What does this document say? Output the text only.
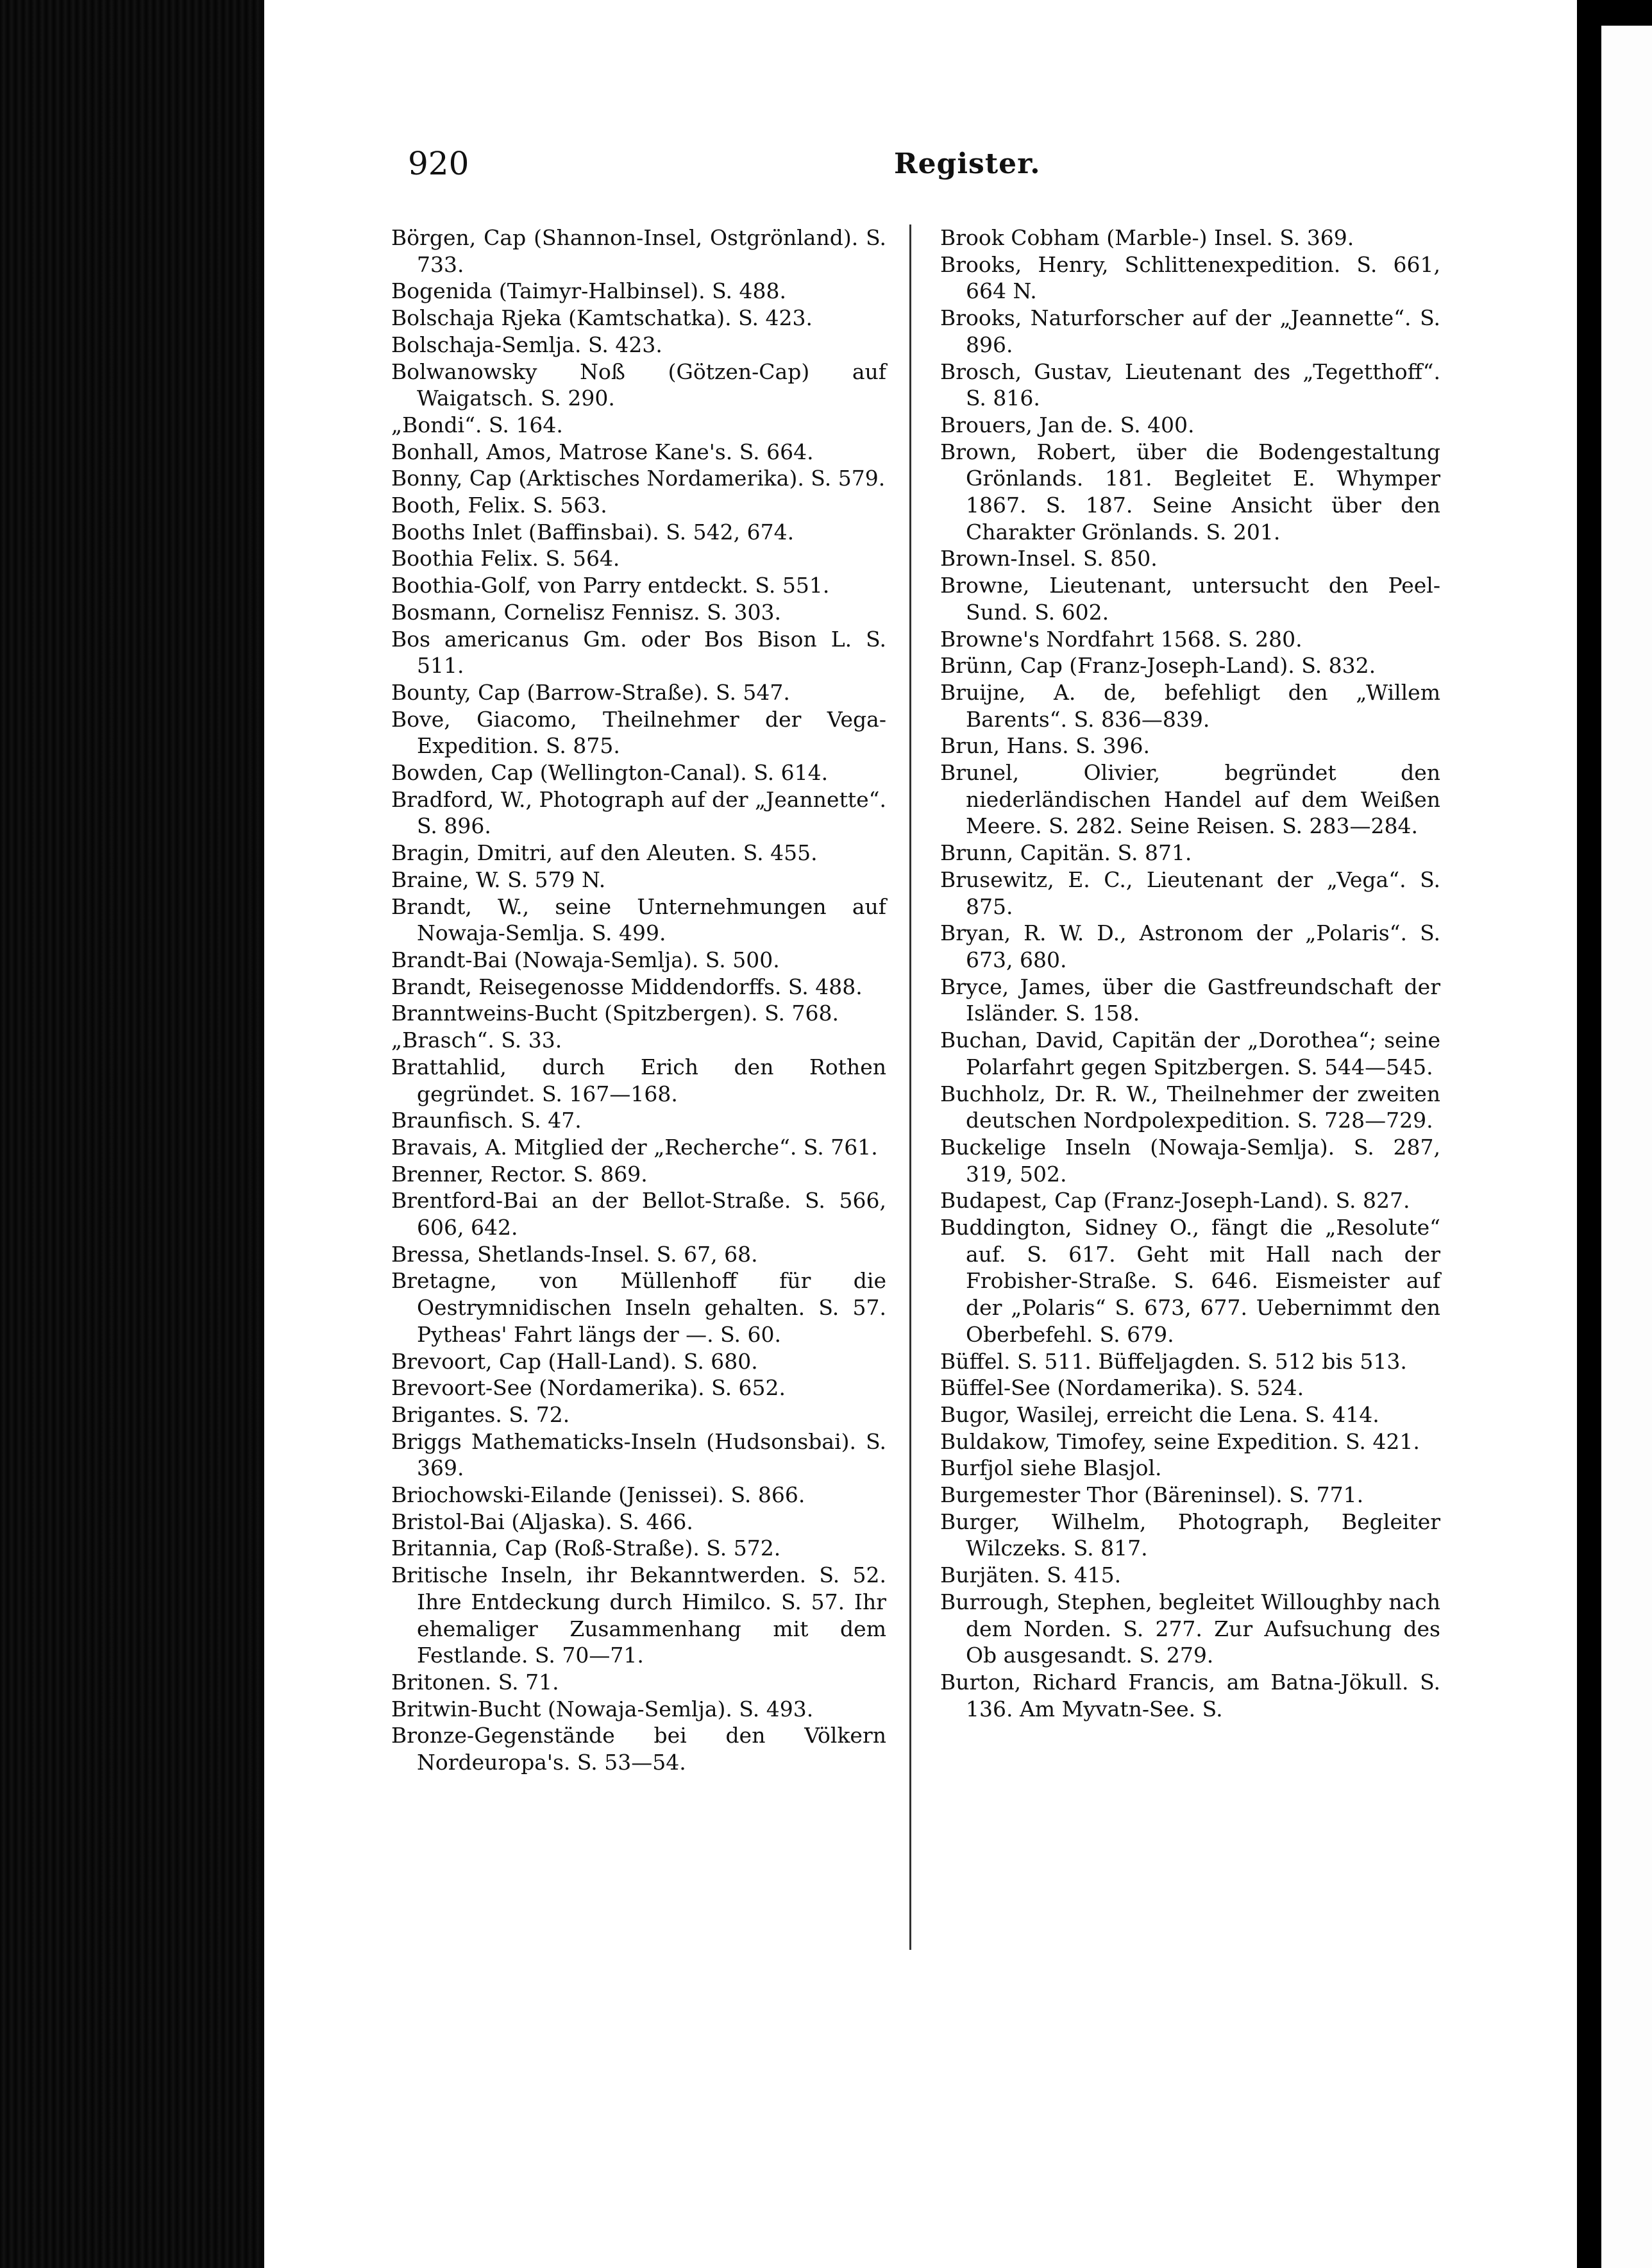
920	Register.
Börgen, Cap (Shannon-Insel, Ostgrönland). S. 733.
Bogenida (Taimyr-Halbinsel). S. 488.
Bolschaja Rjeka (Kamtschatka). S. 423.
Bolschaja-Semlja. S. 423.
Bolwanowsky Noß (Götzen-Cap) auf Waigatsch. S. 290.
„Bondi“. S. 164.
Bonhall, Amos, Matrose Kane's. S. 664.
Bonny, Cap (Arktisches Nordamerika). S. 579.
Booth, Felix. S. 563.
Booths Inlet (Baffinsbai). S. 542, 674.
Boothia Felix. S. 564.
Boothia-Golf, von Parry entdeckt. S. 551.
Bosmann, Cornelisz Fennisz. S. 303.
Bos americanus Gm. oder Bos Bison L. S. 511.
Bounty, Cap (Barrow-Straße). S. 547.
Bove, Giacomo, Theilnehmer der Vega-Expedition. S. 875.
Bowden, Cap (Wellington-Canal). S. 614.
Bradford, W., Photograph auf der „Jeannette“. S. 896.
Bragin, Dmitri, auf den Aleuten. S. 455.
Braine, W. S. 579 N.
Brandt, W., seine Unternehmungen auf Nowaja-Semlja. S. 499.
Brandt-Bai (Nowaja-Semlja). S. 500.
Brandt, Reisegenosse Middendorffs. S. 488.
Branntweins-Bucht (Spitzbergen). S. 768.
„Brasch“. S. 33.
Brattahlid, durch Erich den Rothen gegründet. S. 167—168.
Braunfisch. S. 47.
Bravais, A. Mitglied der „Recherche“. S. 761.
Brenner, Rector. S. 869.
Brentford-Bai an der Bellot-Straße. S. 566, 606, 642.
Bressa, Shetlands-Insel. S. 67, 68.
Bretagne, von Müllenhoff für die Oestrymnidischen Inseln gehalten. S. 57. Pytheas' Fahrt längs der —. S. 60.
Brevoort, Cap (Hall-Land). S. 680.
Brevoort-See (Nordamerika). S. 652.
Brigantes. S. 72.
Briggs Mathematicks-Inseln (Hudsonsbai). S. 369.
Briochowski-Eilande (Jenissei). S. 866.
Bristol-Bai (Aljaska). S. 466.
Britannia, Cap (Roß-Straße). S. 572.
Britische Inseln, ihr Bekanntwerden. S. 52. Ihre Entdeckung durch Himilco. S. 57. Ihr ehemaliger Zusammenhang mit dem Festlande. S. 70—71.
Britonen. S. 71.
Britwin-Bucht (Nowaja-Semlja). S. 493.
Bronze-Gegenstände bei den Völkern Nordeuropa's. S. 53—54.
Brook Cobham (Marble-) Insel. S. 369.
Brooks, Henry, Schlittenexpedition. S. 661, 664 N.
Brooks, Naturforscher auf der „Jeannette“. S. 896.
Brosch, Gustav, Lieutenant des „Tegetthoff“. S. 816.
Brouers, Jan de. S. 400.
Brown, Robert, über die Bodengestaltung Grönlands. 181. Begleitet E. Whymper 1867. S. 187. Seine Ansicht über den Charakter Grönlands. S. 201.
Brown-Insel. S. 850.
Browne, Lieutenant, untersucht den Peel-Sund. S. 602.
Browne's Nordfahrt 1568. S. 280.
Brünn, Cap (Franz-Joseph-Land). S. 832.
Bruijne, A. de, befehligt den „Willem Barents“. S. 836—839.
Brun, Hans. S. 396.
Brunel, Olivier, begründet den niederländischen Handel auf dem Weißen Meere. S. 282. Seine Reisen. S. 283—284.
Brunn, Capitän. S. 871.
Brusewitz, E. C., Lieutenant der „Vega“. S. 875.
Bryan, R. W. D., Astronom der „Polaris“. S. 673, 680.
Bryce, James, über die Gastfreundschaft der Isländer. S. 158.
Buchan, David, Capitän der „Dorothea“; seine Polarfahrt gegen Spitzbergen. S. 544—545.
Buchholz, Dr. R. W., Theilnehmer der zweiten deutschen Nordpolexpedition. S. 728—729.
Buckelige Inseln (Nowaja-Semlja). S. 287, 319, 502.
Budapest, Cap (Franz-Joseph-Land). S. 827.
Buddington, Sidney O., fängt die „Resolute“ auf. S. 617. Geht mit Hall nach der Frobisher-Straße. S. 646. Eismeister auf der „Polaris“ S. 673, 677. Uebernimmt den Oberbefehl. S. 679.
Büffel. S. 511. Büffeljagden. S. 512 bis 513.
Büffel-See (Nordamerika). S. 524.
Bugor, Wasilej, erreicht die Lena. S. 414.
Buldakow, Timofey, seine Expedition. S. 421.
Burfjol siehe Blasjol.
Burgemester Thor (Bäreninsel). S. 771.
Burger, Wilhelm, Photograph, Begleiter Wilczeks. S. 817.
Burjäten. S. 415.
Burrough, Stephen, begleitet Willoughby nach dem Norden. S. 277. Zur Aufsuchung des Ob ausgesandt. S. 279.
Burton, Richard Francis, am Batna-Jökull. S. 136. Am Myvatn-See. S.
